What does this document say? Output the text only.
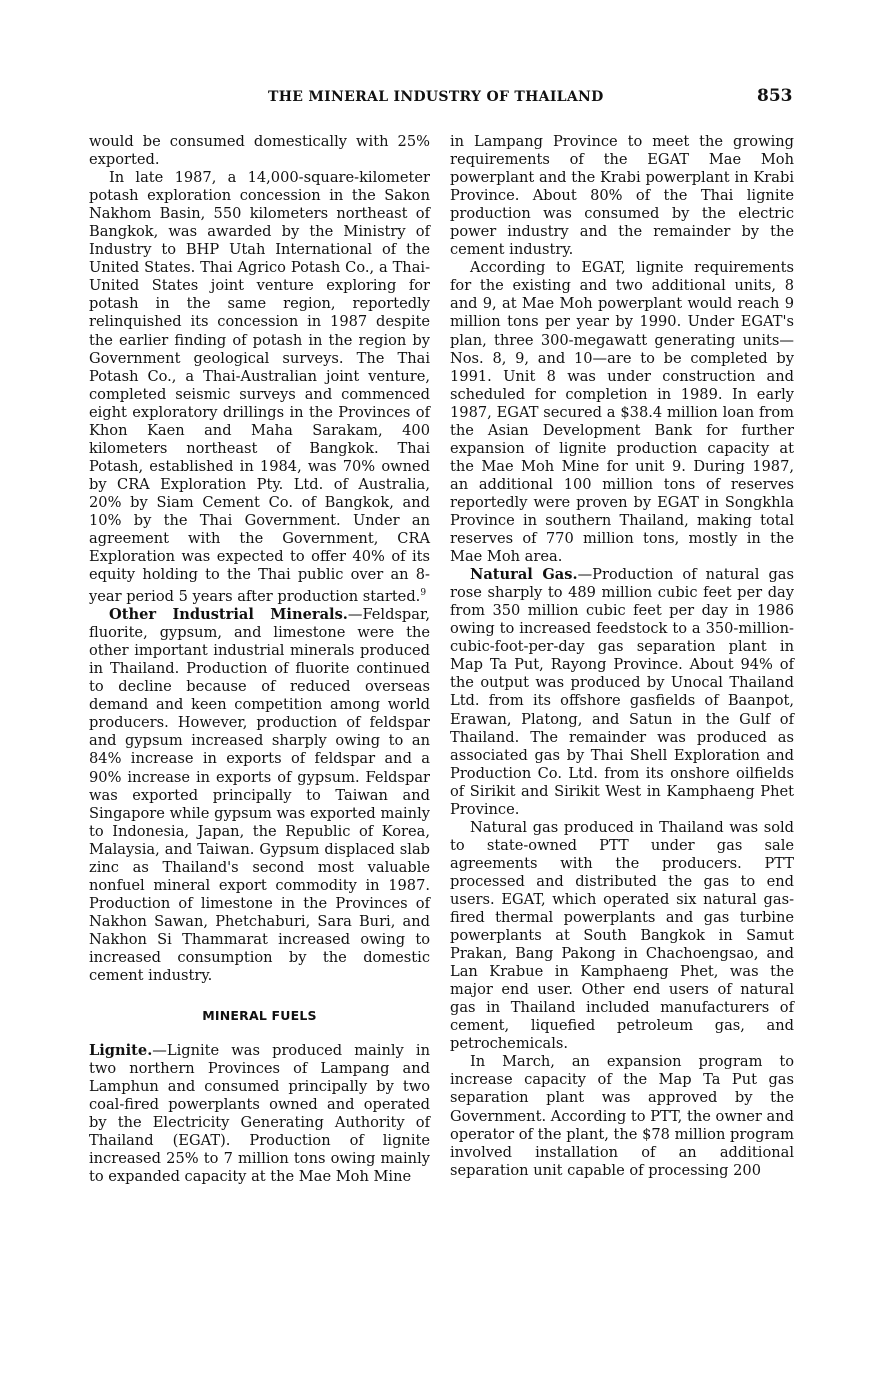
THE MINERAL INDUSTRY OF THAILAND	853

would be consumed domestically with 25% exported.

In late 1987, a 14,000-square-kilometer potash exploration concession in the Sakon Nakhom Basin, 550 kilometers northeast of Bangkok, was awarded by the Ministry of Industry to BHP Utah International of the United States. Thai Agrico Potash Co., a Thai-United States joint venture exploring for potash in the same region, reportedly relinquished its concession in 1987 despite the earlier finding of potash in the region by Government geological surveys. The Thai Potash Co., a Thai-Australian joint venture, completed seismic surveys and commenced eight exploratory drillings in the Provinces of Khon Kaen and Maha Sarakam, 400 kilometers northeast of Bangkok. Thai Potash, established in 1984, was 70% owned by CRA Exploration Pty. Ltd. of Australia, 20% by Siam Cement Co. of Bangkok, and 10% by the Thai Government. Under an agreement with the Government, CRA Exploration was expected to offer 40% of its equity holding to the Thai public over an 8-year period 5 years after production started.$^9$

Other Industrial Minerals.—Feldspar, fluorite, gypsum, and limestone were the other important industrial minerals produced in Thailand. Production of fluorite continued to decline because of reduced overseas demand and keen competition among world producers. However, production of feldspar and gypsum increased sharply owing to an 84% increase in exports of feldspar and a 90% increase in exports of gypsum. Feldspar was exported principally to Taiwan and Singapore while gypsum was exported mainly to Indonesia, Japan, the Republic of Korea, Malaysia, and Taiwan. Gypsum displaced slab zinc as Thailand's second most valuable nonfuel mineral export commodity in 1987. Production of limestone in the Provinces of Nakhon Sawan, Phetchaburi, Sara Buri, and Nakhon Si Thammarat increased owing to increased consumption by the domestic cement industry.

MINERAL FUELS

Lignite.—Lignite was produced mainly in two northern Provinces of Lampang and Lamphun and consumed principally by two coal-fired powerplants owned and operated by the Electricity Generating Authority of Thailand (EGAT). Production of lignite increased 25% to 7 million tons owing mainly to expanded capacity at the Mae Moh Mine

in Lampang Province to meet the growing requirements of the EGAT Mae Moh powerplant and the Krabi powerplant in Krabi Province. About 80% of the Thai lignite production was consumed by the electric power industry and the remainder by the cement industry.

According to EGAT, lignite requirements for the existing and two additional units, 8 and 9, at Mae Moh powerplant would reach 9 million tons per year by 1990. Under EGAT's plan, three 300-megawatt generating units—Nos. 8, 9, and 10—are to be completed by 1991. Unit 8 was under construction and scheduled for completion in 1989. In early 1987, EGAT secured a $38.4 million loan from the Asian Development Bank for further expansion of lignite production capacity at the Mae Moh Mine for unit 9. During 1987, an additional 100 million tons of reserves reportedly were proven by EGAT in Songkhla Province in southern Thailand, making total reserves of 770 million tons, mostly in the Mae Moh area.

Natural Gas.—Production of natural gas rose sharply to 489 million cubic feet per day from 350 million cubic feet per day in 1986 owing to increased feedstock to a 350-million-cubic-foot-per-day gas separation plant in Map Ta Put, Rayong Province. About 94% of the output was produced by Unocal Thailand Ltd. from its offshore gasfields of Baanpot, Erawan, Platong, and Satun in the Gulf of Thailand. The remainder was produced as associated gas by Thai Shell Exploration and Production Co. Ltd. from its onshore oilfields of Sirikit and Sirikit West in Kamphaeng Phet Province.

Natural gas produced in Thailand was sold to state-owned PTT under gas sale agreements with the producers. PTT processed and distributed the gas to end users. EGAT, which operated six natural gas-fired thermal powerplants and gas turbine powerplants at South Bangkok in Samut Prakan, Bang Pakong in Chachoengsao, and Lan Krabue in Kamphaeng Phet, was the major end user. Other end users of natural gas in Thailand included manufacturers of cement, liquefied petroleum gas, and petrochemicals.

In March, an expansion program to increase capacity of the Map Ta Put gas separation plant was approved by the Government. According to PTT, the owner and operator of the plant, the $78 million program involved installation of an additional separation unit capable of processing 200
